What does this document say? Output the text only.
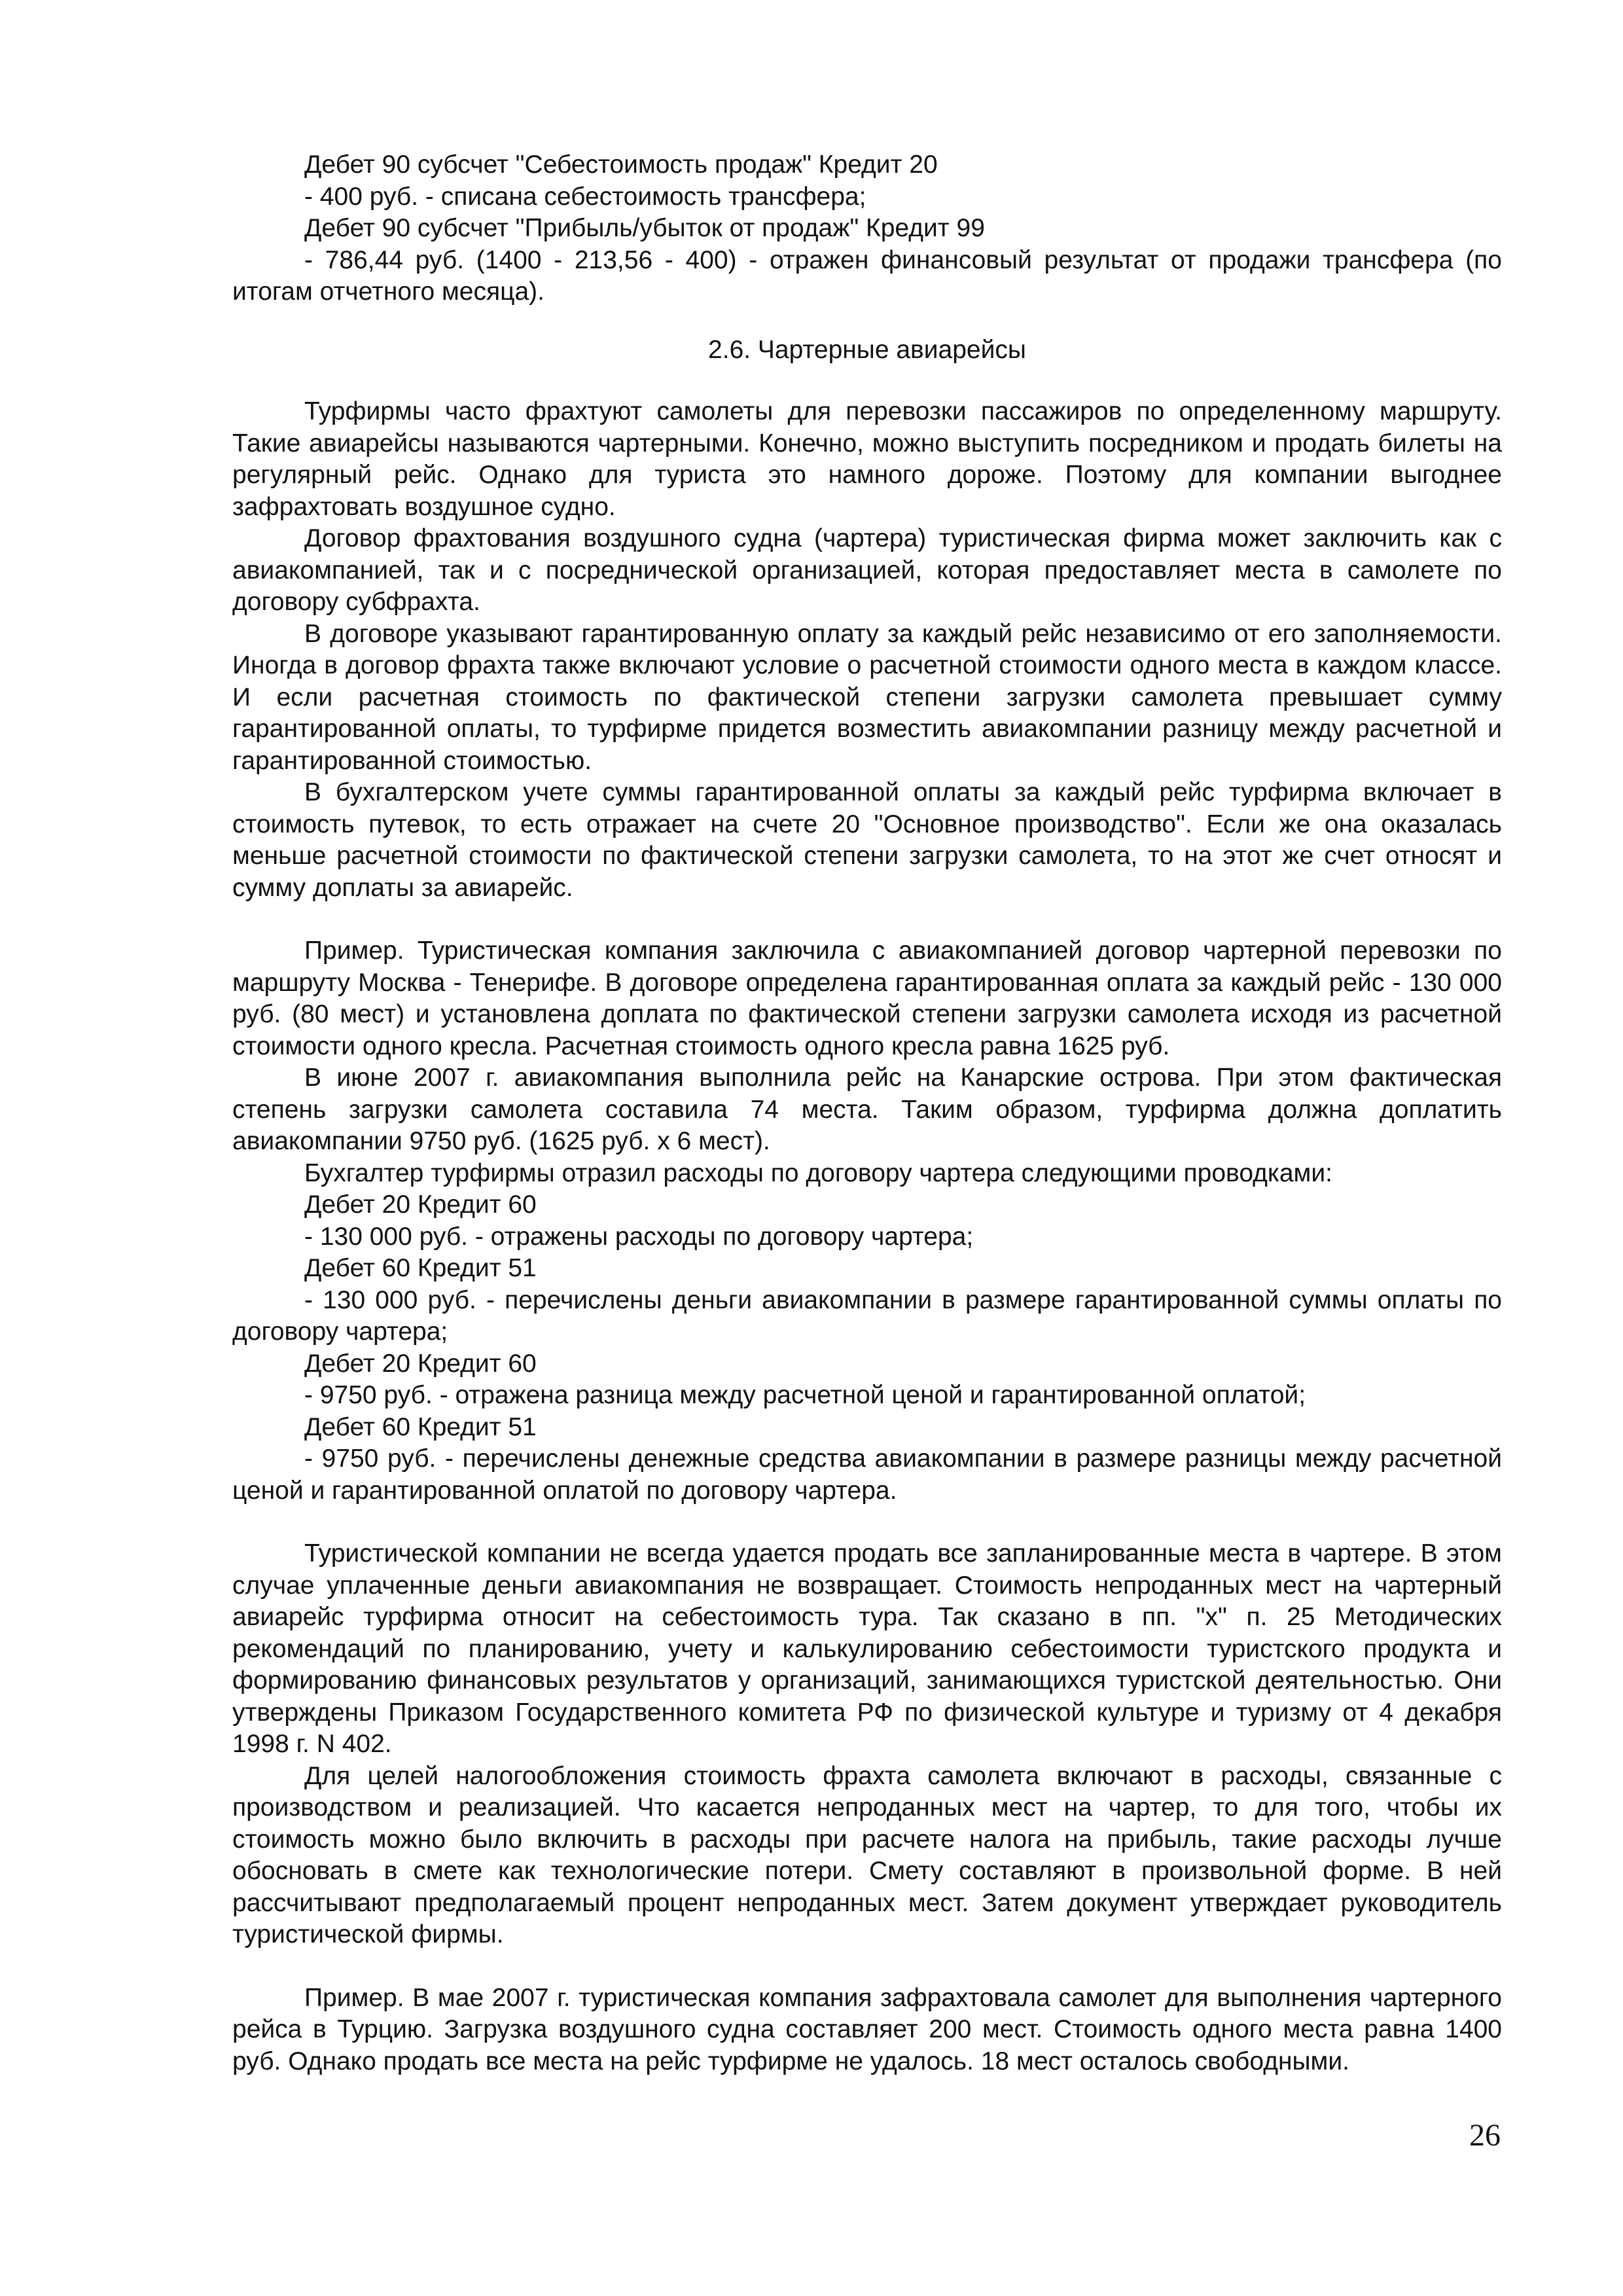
Дебет 90 субсчет "Себестоимость продаж" Кредит 20

- 400 руб. - списана себестоимость трансфера;

Дебет 90 субсчет "Прибыль/убыток от продаж" Кредит 99

- 786,44 руб. (1400 - 213,56 - 400) - отражен финансовый результат от продажи трансфера (по итогам отчетного месяца).

2.6. Чартерные авиарейсы

Турфирмы часто фрахтуют самолеты для перевозки пассажиров по определенному маршруту. Такие авиарейсы называются чартерными. Конечно, можно выступить посредником и продать билеты на регулярный рейс. Однако для туриста это намного дороже. Поэтому для компании выгоднее зафрахтовать воздушное судно.

Договор фрахтования воздушного судна (чартера) туристическая фирма может заключить как с авиакомпанией, так и с посреднической организацией, которая предоставляет места в самолете по договору субфрахта.

В договоре указывают гарантированную оплату за каждый рейс независимо от его заполняемости. Иногда в договор фрахта также включают условие о расчетной стоимости одного места в каждом классе. И если расчетная стоимость по фактической степени загрузки самолета превышает сумму гарантированной оплаты, то турфирме придется возместить авиакомпании разницу между расчетной и гарантированной стоимостью.

В бухгалтерском учете суммы гарантированной оплаты за каждый рейс турфирма включает в стоимость путевок, то есть отражает на счете 20 "Основное производство". Если же она оказалась меньше расчетной стоимости по фактической степени загрузки самолета, то на этот же счет относят и сумму доплаты за авиарейс.

Пример. Туристическая компания заключила с авиакомпанией договор чартерной перевозки по маршруту Москва - Тенерифе. В договоре определена гарантированная оплата за каждый рейс - 130 000 руб. (80 мест) и установлена доплата по фактической степени загрузки самолета исходя из расчетной стоимости одного кресла. Расчетная стоимость одного кресла равна 1625 руб.

В июне 2007 г. авиакомпания выполнила рейс на Канарские острова. При этом фактическая степень загрузки самолета составила 74 места. Таким образом, турфирма должна доплатить авиакомпании 9750 руб. (1625 руб. x 6 мест).

Бухгалтер турфирмы отразил расходы по договору чартера следующими проводками:

Дебет 20 Кредит 60

- 130 000 руб. - отражены расходы по договору чартера;

Дебет 60 Кредит 51

- 130 000 руб. - перечислены деньги авиакомпании в размере гарантированной суммы оплаты по договору чартера;

Дебет 20 Кредит 60

- 9750 руб. - отражена разница между расчетной ценой и гарантированной оплатой;

Дебет 60 Кредит 51

- 9750 руб. - перечислены денежные средства авиакомпании в размере разницы между расчетной ценой и гарантированной оплатой по договору чартера.

Туристической компании не всегда удается продать все запланированные места в чартере. В этом случае уплаченные деньги авиакомпания не возвращает. Стоимость непроданных мест на чартерный авиарейс турфирма относит на себестоимость тура. Так сказано в пп. "х" п. 25 Методических рекомендаций по планированию, учету и калькулированию себестоимости туристского продукта и формированию финансовых результатов у организаций, занимающихся туристской деятельностью. Они утверждены Приказом Государственного комитета РФ по физической культуре и туризму от 4 декабря 1998 г. N 402.

Для целей налогообложения стоимость фрахта самолета включают в расходы, связанные с производством и реализацией. Что касается непроданных мест на чартер, то для того, чтобы их стоимость можно было включить в расходы при расчете налога на прибыль, такие расходы лучше обосновать в смете как технологические потери. Смету составляют в произвольной форме. В ней рассчитывают предполагаемый процент непроданных мест. Затем документ утверждает руководитель туристической фирмы.

Пример. В мае 2007 г. туристическая компания зафрахтовала самолет для выполнения чартерного рейса в Турцию. Загрузка воздушного судна составляет 200 мест. Стоимость одного места равна 1400 руб. Однако продать все места на рейс турфирме не удалось. 18 мест осталось свободными.

26
